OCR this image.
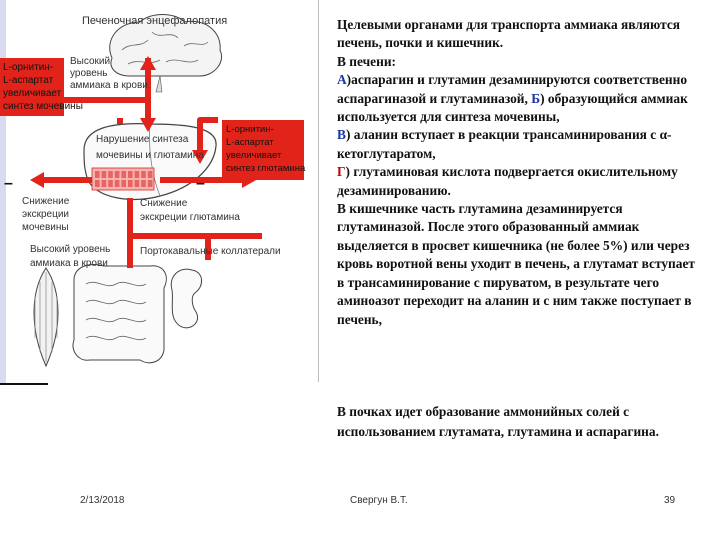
Печеночная энцефалопатия
L-орнитин-
L-аспартат
увеличивает
синтез мочевины
L-орнитин-
L-аспартат
увеличивает
синтез глютамина
Высокий
уровень
аммиака в крови
Нарушение синтеза
мочевины и глютамина
–	–
Снижение
экскреции
мочевины
Снижение
экскреции глютамина
Высокий уровень
аммиака в крови
Портокавальные коллатерали

Целевыми органами для транспорта аммиака являются печень, почки и кишечник.

В печени:

А)аспарагин и глутамин дезаминируются соответственно аспарагиназой и глутаминазой, Б) образующийся аммиак используется для синтеза мочевины,

В) аланин вступает в реакции трансаминирования с α-кетоглутаратом,

Г) глутаминовая кислота подвергается окислительному дезаминированию.

В кишечнике часть глутамина дезаминируется глутаминазой. После этого образованный аммиак выделяется в просвет кишечника (не более 5%) или через кровь воротной вены уходит в печень, а глутамат вступает в трансаминирование с пируватом, в результате чего аминоазот переходит на аланин и с ним также поступает в печень,

В почках идет образование аммонийных солей с использованием глутамата, глутамина и аспарагина.
2/13/2018	Свергун В.Т.	39
